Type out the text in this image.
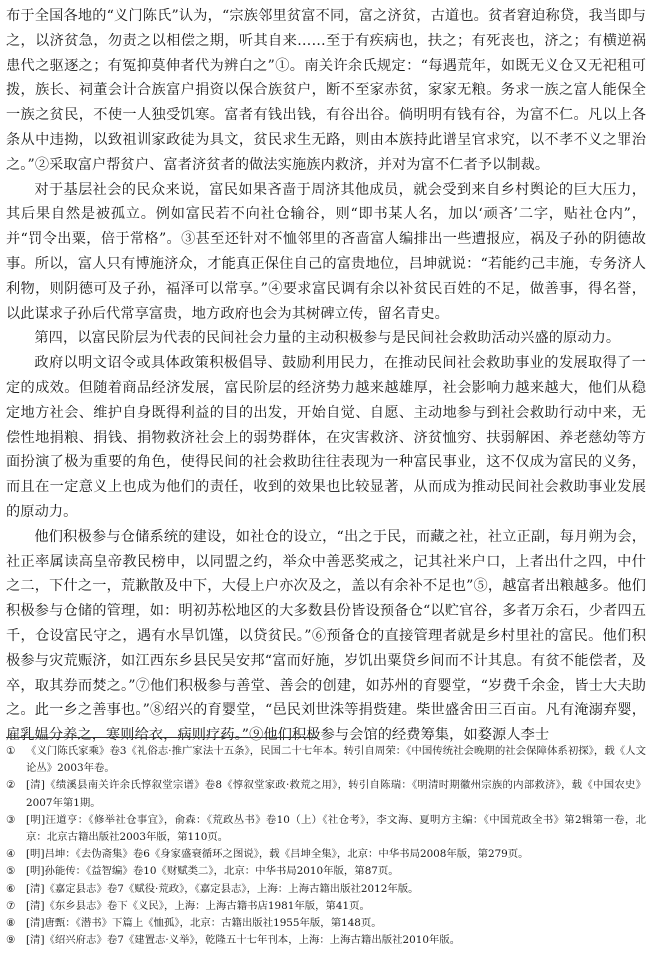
布于全国各地的“义门陈氏”认为，“宗族邻里贫富不同，富之济贫，古道也。贫者窘迫称贷，我当即与之，以济贫急，勿责之以相偿之期，听其自来……至于有疾病也，扶之；有死丧也，济之；有横逆祸患代之驱逐之；有冤抑莫伸者代为辨白之”①。南关许余氏规定：“每遇荒年，如既无义仓又无祀租可拨，族长、祠董会计合族富户捐资以保合族贫户，断不至家赤贫，家家无粮。务求一族之富人能保全一族之贫民，不使一人独受饥寒。富者有钱出钱，有谷出谷。倘明明有钱有谷，为富不仁。凡以上各条从中违拗，以致祖训家政徒为具文，贫民求生无路，则由本族持此谱呈官求究，以不孝不义之罪治之。”②采取富户帮贫户、富者济贫者的做法实施族内救济，并对为富不仁者予以制裁。

对于基层社会的民众来说，富民如果吝啬于周济其他成员，就会受到来自乡村舆论的巨大压力，其后果自然是被孤立。例如富民若不向社仓输谷，则“即书某人名，加以‘顽吝’二字，贴社仓内”，并“罚令出粟，倍于常格”。③甚至还针对不恤邻里的吝啬富人编排出一些遭报应，祸及子孙的阴德故事。所以，富人只有博施济众，才能真正保住自己的富贵地位，吕坤就说：“若能约己丰施，专务济人利物，则阴德可及子孙，福泽可以常享。”④要求富民调有余以补贫民百姓的不足，做善事，得名誉，以此谋求子孙后代常享富贵，地方政府也会为其树碑立传，留名青史。

第四，以富民阶层为代表的民间社会力量的主动积极参与是民间社会救助活动兴盛的原动力。

政府以明文诏令或具体政策积极倡导、鼓励利用民力，在推动民间社会救助事业的发展取得了一定的成效。但随着商品经济发展，富民阶层的经济势力越来越雄厚，社会影响力越来越大，他们从稳定地方社会、维护自身既得利益的目的出发，开始自觉、自愿、主动地参与到社会救助行动中来，无偿性地捐粮、捐钱、捐物救济社会上的弱势群体，在灾害救济、济贫恤穷、扶弱解困、养老慈幼等方面扮演了极为重要的角色，使得民间的社会救助往往表现为一种富民事业，这不仅成为富民的义务，而且在一定意义上也成为他们的责任，收到的效果也比较显著，从而成为推动民间社会救助事业发展的原动力。

他们积极参与仓储系统的建设，如社仓的设立，“出之于民，而藏之社，社立正副，每月朔为会，社正率属读高皇帝教民榜申，以同盟之约，举众中善恶奖戒之，记其社米户口，上者出什之四，中什之二，下什之一，荒歉散及中下，大侵上户亦次及之，盖以有余补不足也”⑤，越富者出粮越多。他们积极参与仓储的管理，如：明初苏松地区的大多数县份皆设预备仓“以贮官谷，多者万余石，少者四五千，仓设富民守之，遇有水旱饥馑，以贷贫民。”⑥预备仓的直接管理者就是乡村里社的富民。他们积极参与灾荒赈济，如江西东乡县民吴安邦“富而好施，岁饥出粟贷乡间而不计其息。有贫不能偿者，及卒，取其券而焚之。”⑦他们积极参与善堂、善会的创建，如苏州的育婴堂，“岁费千余金，皆士大夫助之。此一乡之善事也。”⑧绍兴的育婴堂，“邑民刘世洙等捐赀建。柴世盛舍田三百亩。凡有淹溺弃婴，雇乳媪分养之，寒则给衣，病则疗药。”⑨他们积极参与会馆的经费筹集，如婺源人李士

① 《义门陈氏家乘》卷3《礼俗志·推广家法十五条》，民国二十七年本。转引自周荣：《中国传统社会晚期的社会保障体系初探》，载《人文论丛》2003年卷。
② [清]《绩溪县南关许余氏惇叙堂宗谱》卷8《惇叙堂家政·救荒之用》，转引自陈瑞：《明清时期徽州宗族的内部救济》，载《中国农史》2007年第1期。
③ [明]汪道亨：《修举社仓事宜》，俞森：《荒政丛书》卷10（上）《社仓考》，李文海、夏明方主编：《中国荒政全书》第2辑第一卷，北京：北京古籍出版社2003年版，第110页。
④ [明]吕坤：《去伪斋集》卷6《身家盛衰循环之图说》，载《吕坤全集》，北京：中华书局2008年版，第279页。
⑤ [明]孙能传：《益智编》卷10《财赋类二》，北京：中华书局2010年版，第87页。
⑥ [清]《嘉定县志》卷7《赋役·荒政》，《嘉定县志》，上海：上海古籍出版社2012年版。
⑦ [清]《东乡县志》卷下《义民》，上海：上海古籍书店1981年版，第41页。
⑧ [清]唐甄：《潜书》下篇上《恤孤》，北京：古籍出版社1955年版，第148页。
⑨ [清]《绍兴府志》卷7《建置志·义举》，乾隆五十七年刊本，上海：上海古籍出版社2010年版。
